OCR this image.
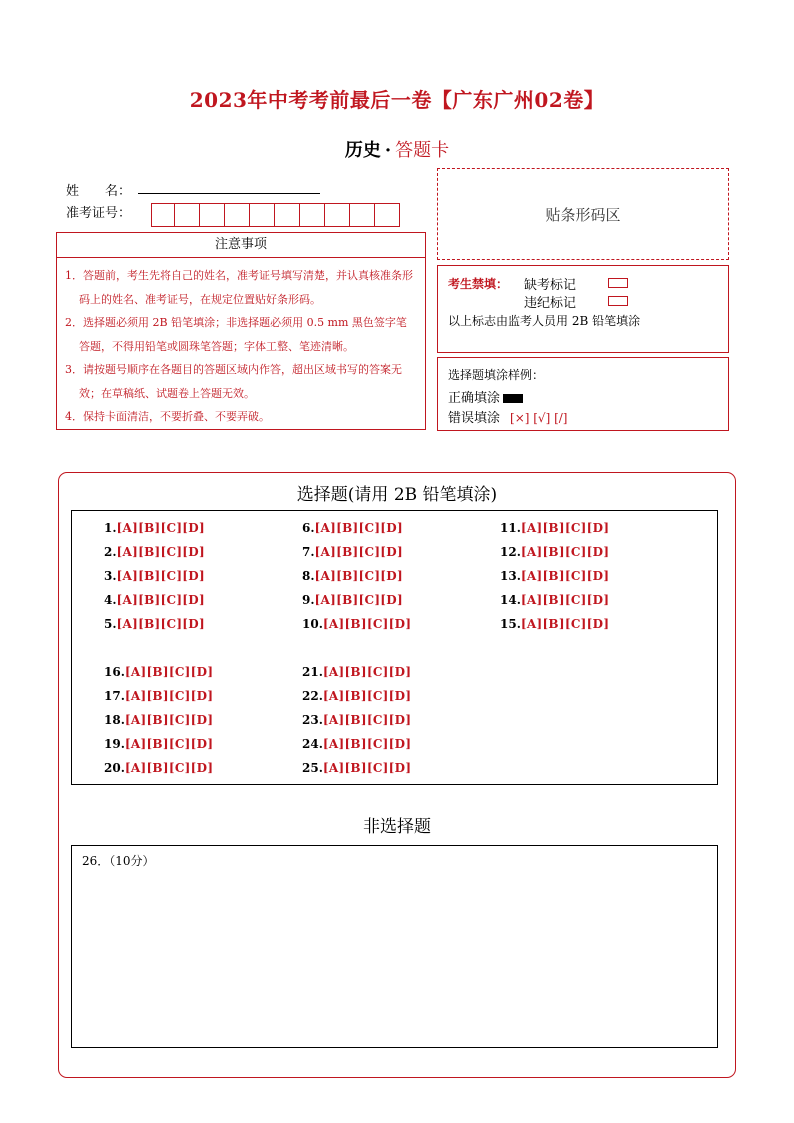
2023年中考考前最后一卷【广东广州02卷】
历史 · 答题卡
姓　　名：
准考证号：
注意事项
1．答题前，考生先将自己的姓名，准考证号填写清楚，并认真核准条形码上的姓名、准考证号，在规定位置贴好条形码。
2．选择题必须用 2B 铅笔填涂；非选择题必须用 0.5 mm 黑色签字笔答题，不得用铅笔或圆珠笔答题；字体工整、笔迹清晰。
3．请按题号顺序在各题目的答题区域内作答，超出区域书写的答案无效；在草稿纸、试题卷上答题无效。
4．保持卡面清洁，不要折叠、不要弄破。
贴条形码区
考生禁填： 缺考标记
违纪标记
以上标志由监考人员用 2B 铅笔填涂
选择题填涂样例：
正确填涂
错误填涂 [×] [√] [/]
选择题(请用 2B 铅笔填涂)
1.[A][B][C][D]
2.[A][B][C][D]
3.[A][B][C][D]
4.[A][B][C][D]
5.[A][B][C][D]
6.[A][B][C][D]
7.[A][B][C][D]
8.[A][B][C][D]
9.[A][B][C][D]
10.[A][B][C][D]
11.[A][B][C][D]
12.[A][B][C][D]
13.[A][B][C][D]
14.[A][B][C][D]
15.[A][B][C][D]
16.[A][B][C][D]
17.[A][B][C][D]
18.[A][B][C][D]
19.[A][B][C][D]
20.[A][B][C][D]
21.[A][B][C][D]
22.[A][B][C][D]
23.[A][B][C][D]
24.[A][B][C][D]
25.[A][B][C][D]
非选择题
26．（10分）
